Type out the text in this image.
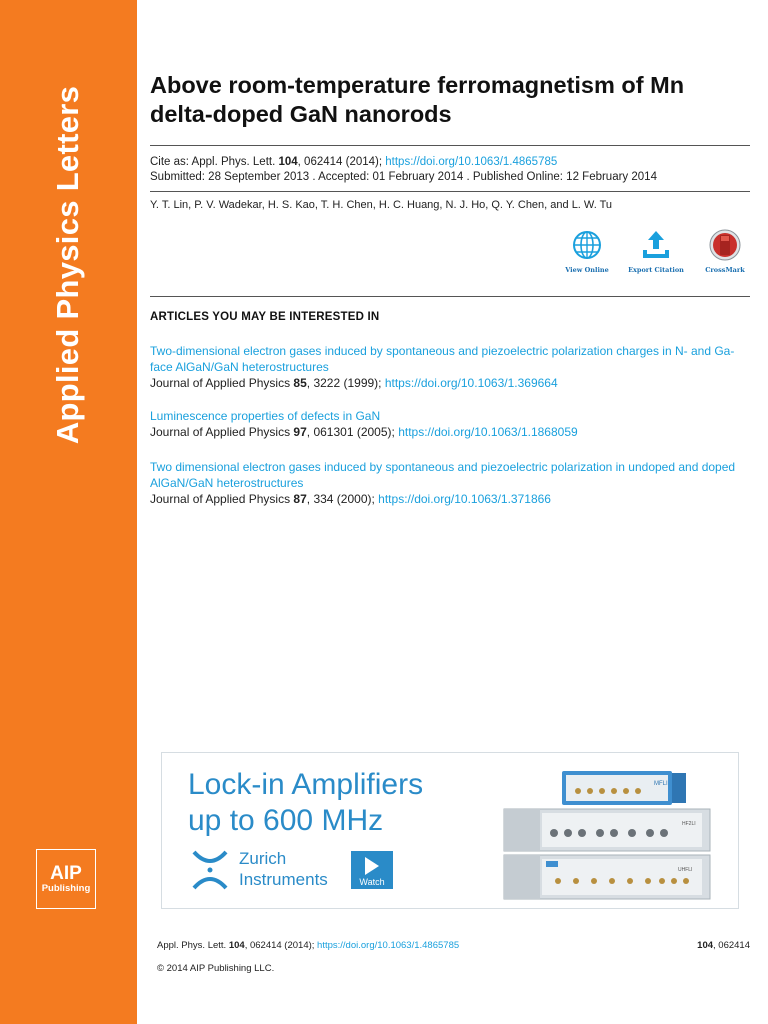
Applied Physics Letters
AIP
Publishing
Above room-temperature ferromagnetism of Mn delta-doped GaN nanorods
Cite as: Appl. Phys. Lett. 104, 062414 (2014); https://doi.org/10.1063/1.4865785
Submitted: 28 September 2013 . Accepted: 01 February 2014 . Published Online: 12 February 2014
Y. T. Lin, P. V. Wadekar, H. S. Kao, T. H. Chen, H. C. Huang, N. J. Ho, Q. Y. Chen, and L. W. Tu
View Online	Export Citation	CrossMark
ARTICLES YOU MAY BE INTERESTED IN
Two-dimensional electron gases induced by spontaneous and piezoelectric polarization charges in N- and Ga-face AlGaN/GaN heterostructures
Journal of Applied Physics 85, 3222 (1999); https://doi.org/10.1063/1.369664
Luminescence properties of defects in GaN
Journal of Applied Physics 97, 061301 (2005); https://doi.org/10.1063/1.1868059
Two dimensional electron gases induced by spontaneous and piezoelectric polarization in undoped and doped AlGaN/GaN heterostructures
Journal of Applied Physics 87, 334 (2000); https://doi.org/10.1063/1.371866
Lock-in Amplifiers
up to 600 MHz
Zurich
Instruments	Watch
MFLI
HF2LI
UHFLI
Appl. Phys. Lett. 104, 062414 (2014); https://doi.org/10.1063/1.4865785	104, 062414
© 2014 AIP Publishing LLC.
